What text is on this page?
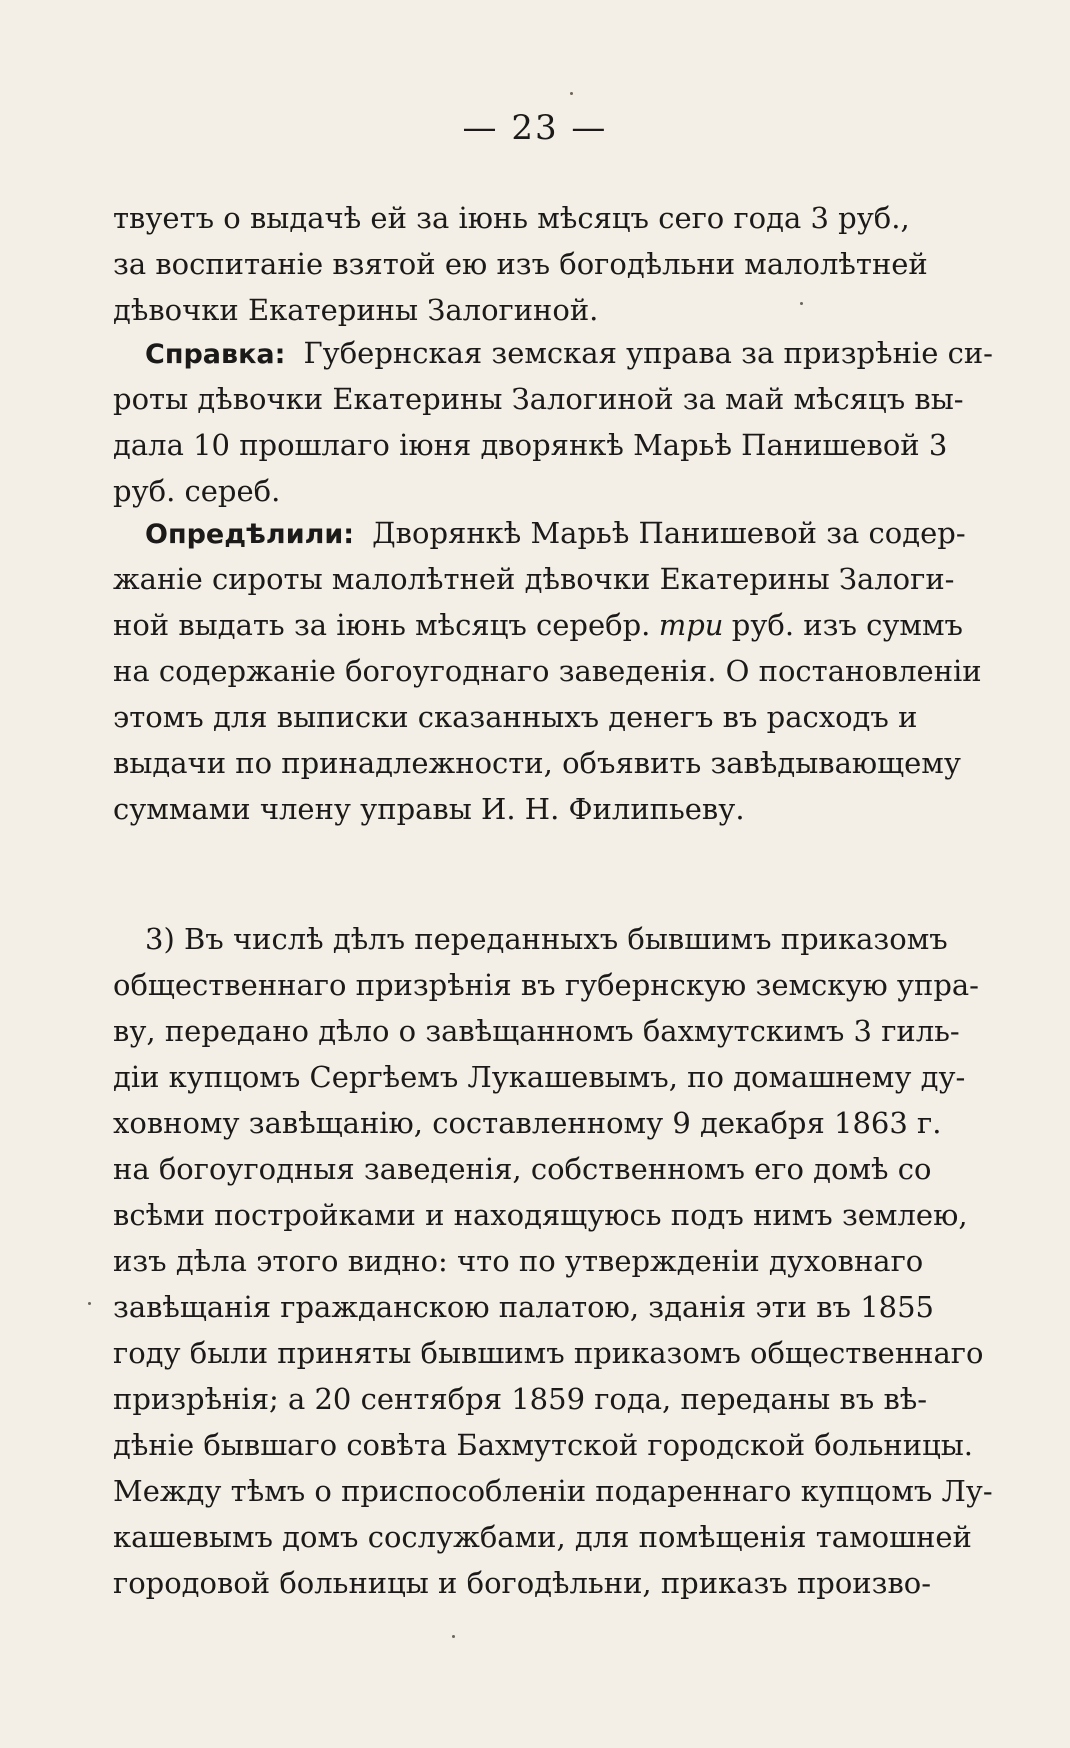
— 23 —
твуетъ о выдачѣ ей за іюнь мѣсяцъ сего года 3 руб.,
за воспитаніе взятой ею изъ богодѣльни малолѣтней
дѣвочки Екатерины Залогиной.
Справка: Губернская земская управа за призрѣніе си-
роты дѣвочки Екатерины Залогиной за май мѣсяцъ вы-
дала 10 прошлаго іюня дворянкѣ Марьѣ Панишевой 3
руб. сереб.
Опредѣлили: Дворянкѣ Марьѣ Панишевой за содер-
жаніе сироты малолѣтней дѣвочки Екатерины Залоги-
ной выдать за іюнь мѣсяцъ серебр. три руб. изъ суммъ
на содержаніе богоугоднаго заведенія. О постановленіи
этомъ для выписки сказанныхъ денегъ въ расходъ и
выдачи по принадлежности, объявить завѣдывающему
суммами члену управы И. Н. Филипьеву.
3) Въ числѣ дѣлъ переданныхъ бывшимъ приказомъ
общественнаго призрѣнія въ губернскую земскую упра-
ву, передано дѣло о завѣщанномъ бахмутскимъ 3 гиль-
діи купцомъ Сергѣемъ Лукашевымъ, по домашнему ду-
ховному завѣщанію, составленному 9 декабря 1863 г.
на богоугодныя заведенія, собственномъ его домѣ со
всѣми постройками и находящуюсь подъ нимъ землею,
изъ дѣла этого видно: что по утвержденіи духовнаго
завѣщанія гражданскою палатою, зданія эти въ 1855
году были приняты бывшимъ приказомъ общественнаго
призрѣнія; а 20 сентября 1859 года, переданы въ вѣ-
дѣніе бывшаго совѣта Бахмутской городской больницы.
Между тѣмъ о приспособленіи подареннаго купцомъ Лу-
кашевымъ домъ сослужбами, для помѣщенія тамошней
городовой больницы и богодѣльни, приказъ произво-
